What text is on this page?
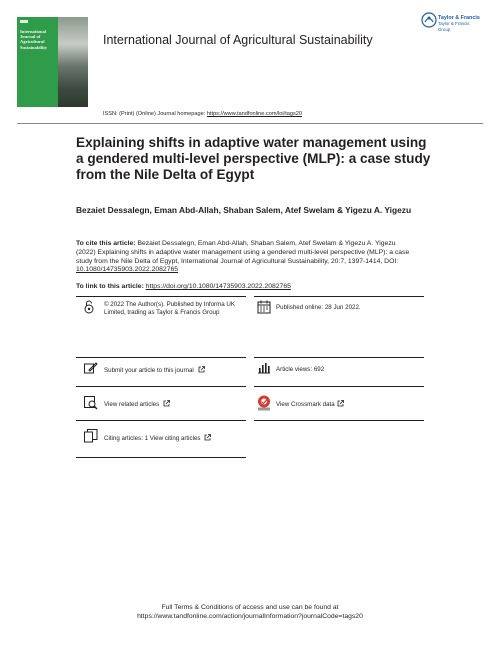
International Journal of Agricultural Sustainability
International Journal of Agricultural Sustainability
Taylor & Francis
Taylor & Francis Group
ISSN: (Print) (Online) Journal homepage: https://www.tandfonline.com/loi/tags20
Explaining shifts in adaptive water management using a gendered multi-level perspective (MLP): a case study from the Nile Delta of Egypt
Bezaiet Dessalegn, Eman Abd-Allah, Shaban Salem, Atef Swelam & Yigezu A. Yigezu
To cite this article: Bezaiet Dessalegn, Eman Abd-Allah, Shaban Salem, Atef Swelam & Yigezu A. Yigezu (2022) Explaining shifts in adaptive water management using a gendered multi-level perspective (MLP): a case study from the Nile Delta of Egypt, International Journal of Agricultural Sustainability, 20:7, 1397-1414, DOI: 10.1080/14735903.2022.2082765
To link to this article: https://doi.org/10.1080/14735903.2022.2082765
© 2022 The Author(s). Published by Informa UK Limited, trading as Taylor & Francis Group
Published online: 28 Jun 2022.
Submit your article to this journal	Article views: 692
View related articles	View Crossmark data
Citing articles: 1 View citing articles
Full Terms & Conditions of access and use can be found at
https://www.tandfonline.com/action/journalInformation?journalCode=tags20
